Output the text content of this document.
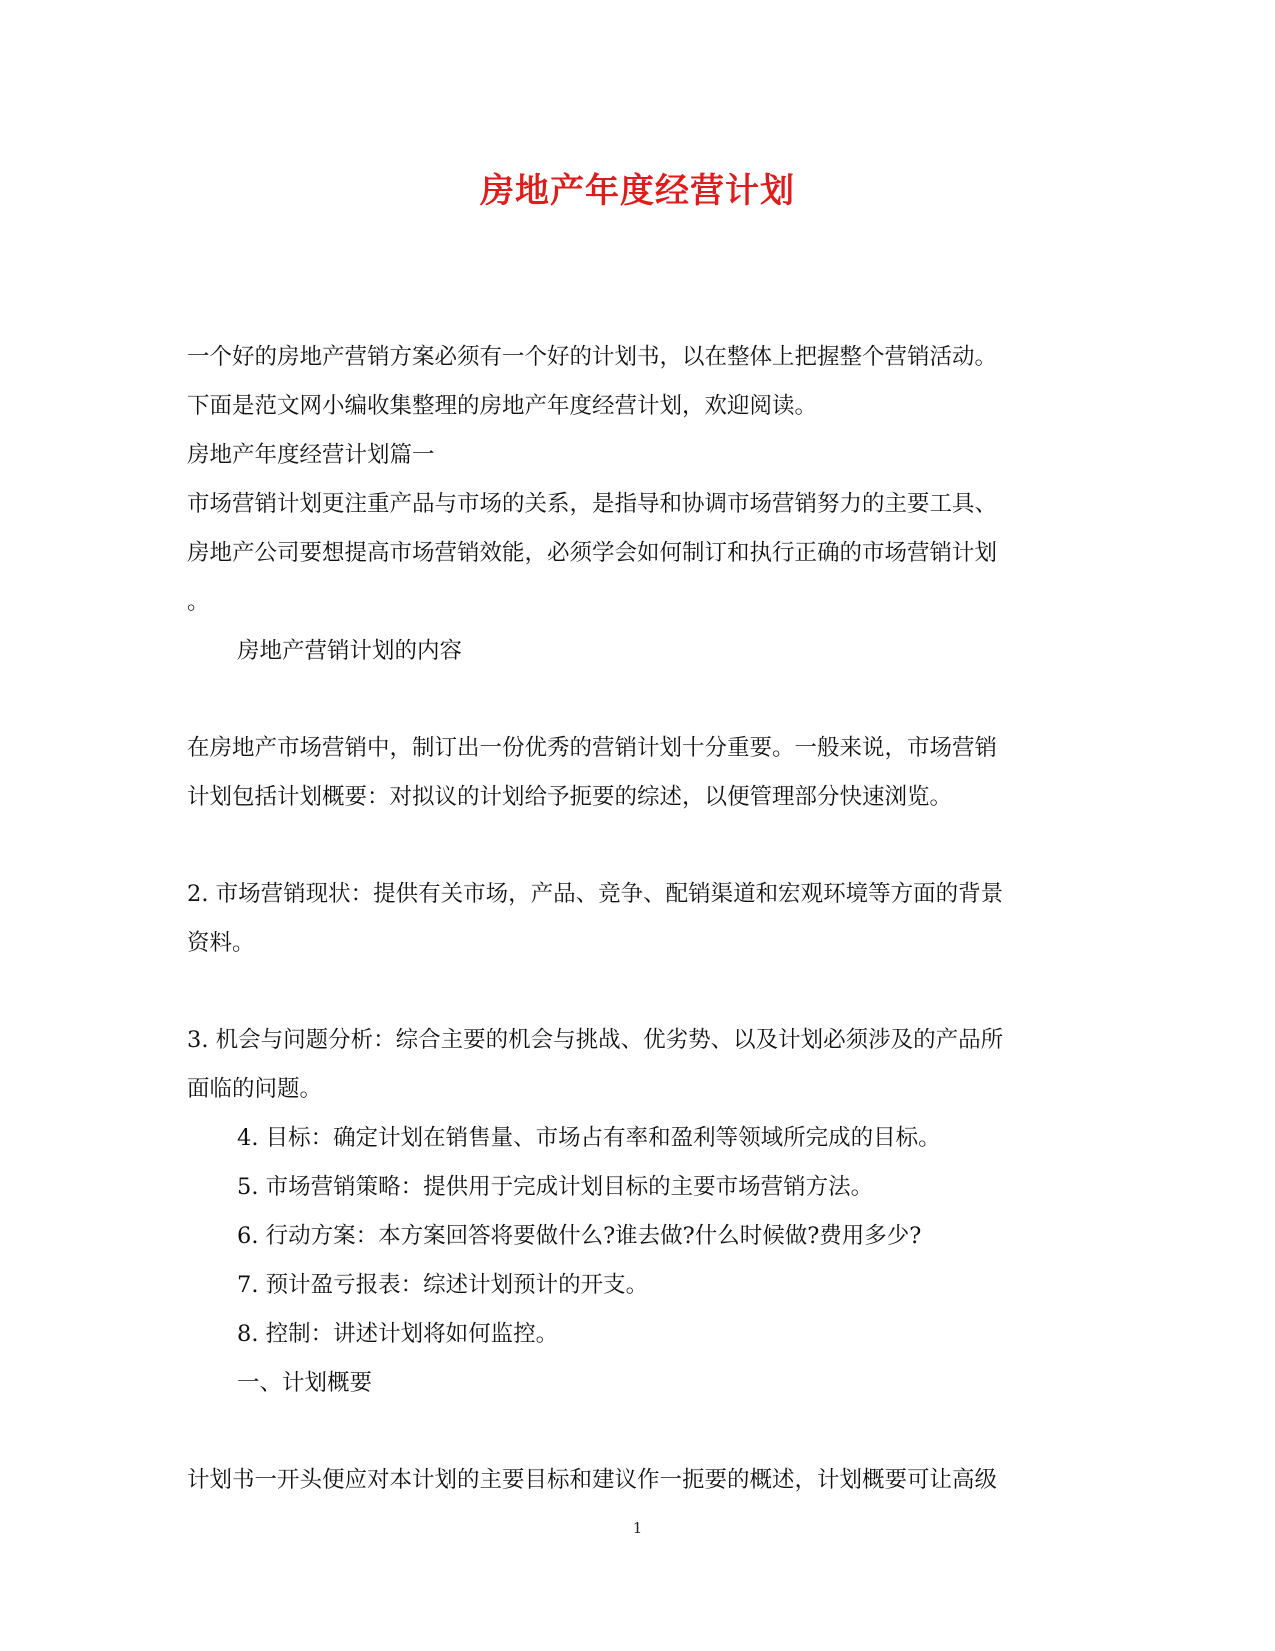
房地产年度经营计划
一个好的房地产营销方案必须有一个好的计划书，以在整体上把握整个营销活动。
下面是范文网小编收集整理的房地产年度经营计划，欢迎阅读。
房地产年度经营计划篇一
市场营销计划更注重产品与市场的关系，是指导和协调市场营销努力的主要工具、
房地产公司要想提高市场营销效能，必须学会如何制订和执行正确的市场营销计划
。
房地产营销计划的内容
在房地产市场营销中，制订出一份优秀的营销计划十分重要。一般来说，市场营销
计划包括计划概要：对拟议的计划给予扼要的综述，以便管理部分快速浏览。
2. 市场营销现状：提供有关市场，产品、竞争、配销渠道和宏观环境等方面的背景
资料。
3. 机会与问题分析：综合主要的机会与挑战、优劣势、以及计划必须涉及的产品所
面临的问题。
4. 目标：确定计划在销售量、市场占有率和盈利等领域所完成的目标。
5. 市场营销策略：提供用于完成计划目标的主要市场营销方法。
6. 行动方案：本方案回答将要做什么?谁去做?什么时候做?费用多少?
7. 预计盈亏报表：综述计划预计的开支。
8. 控制：讲述计划将如何监控。
一、计划概要
计划书一开头便应对本计划的主要目标和建议作一扼要的概述，计划概要可让高级
1
